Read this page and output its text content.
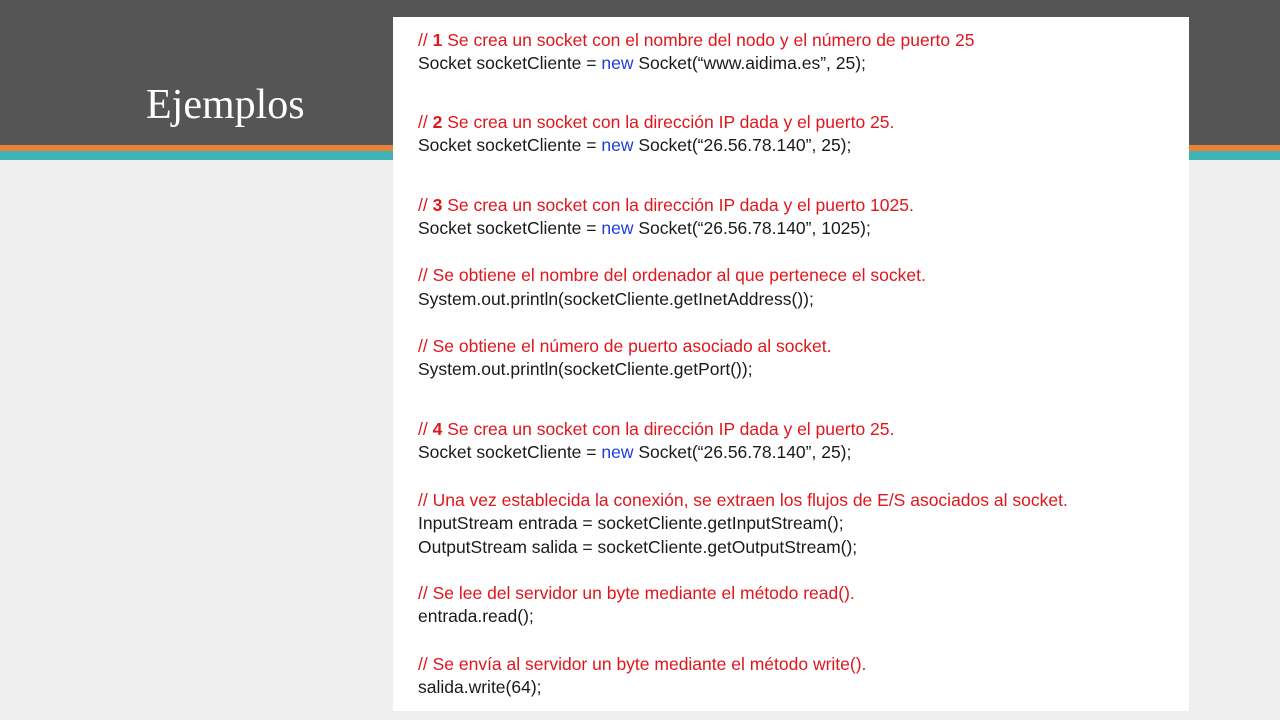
Ejemplos
// 1 Se crea un socket con el nombre del nodo y el número de puerto 25
Socket socketCliente = new Socket(“www.aidima.es”, 25);
// 2 Se crea un socket con la dirección IP dada y el puerto 25.
Socket socketCliente = new Socket(“26.56.78.140”, 25);
// 3 Se crea un socket con la dirección IP dada y el puerto 1025.
Socket socketCliente = new Socket(“26.56.78.140”, 1025);
// Se obtiene el nombre del ordenador al que pertenece el socket.
System.out.println(socketCliente.getInetAddress());
// Se obtiene el número de puerto asociado al socket.
System.out.println(socketCliente.getPort());
// 4 Se crea un socket con la dirección IP dada y el puerto 25.
Socket socketCliente = new Socket(“26.56.78.140”, 25);
// Una vez establecida la conexión, se extraen los flujos de E/S asociados al socket.
InputStream entrada = socketCliente.getInputStream();
OutputStream salida = socketCliente.getOutputStream();
// Se lee del servidor un byte mediante el método read().
entrada.read();
// Se envía al servidor un byte mediante el método write().
salida.write(64);
